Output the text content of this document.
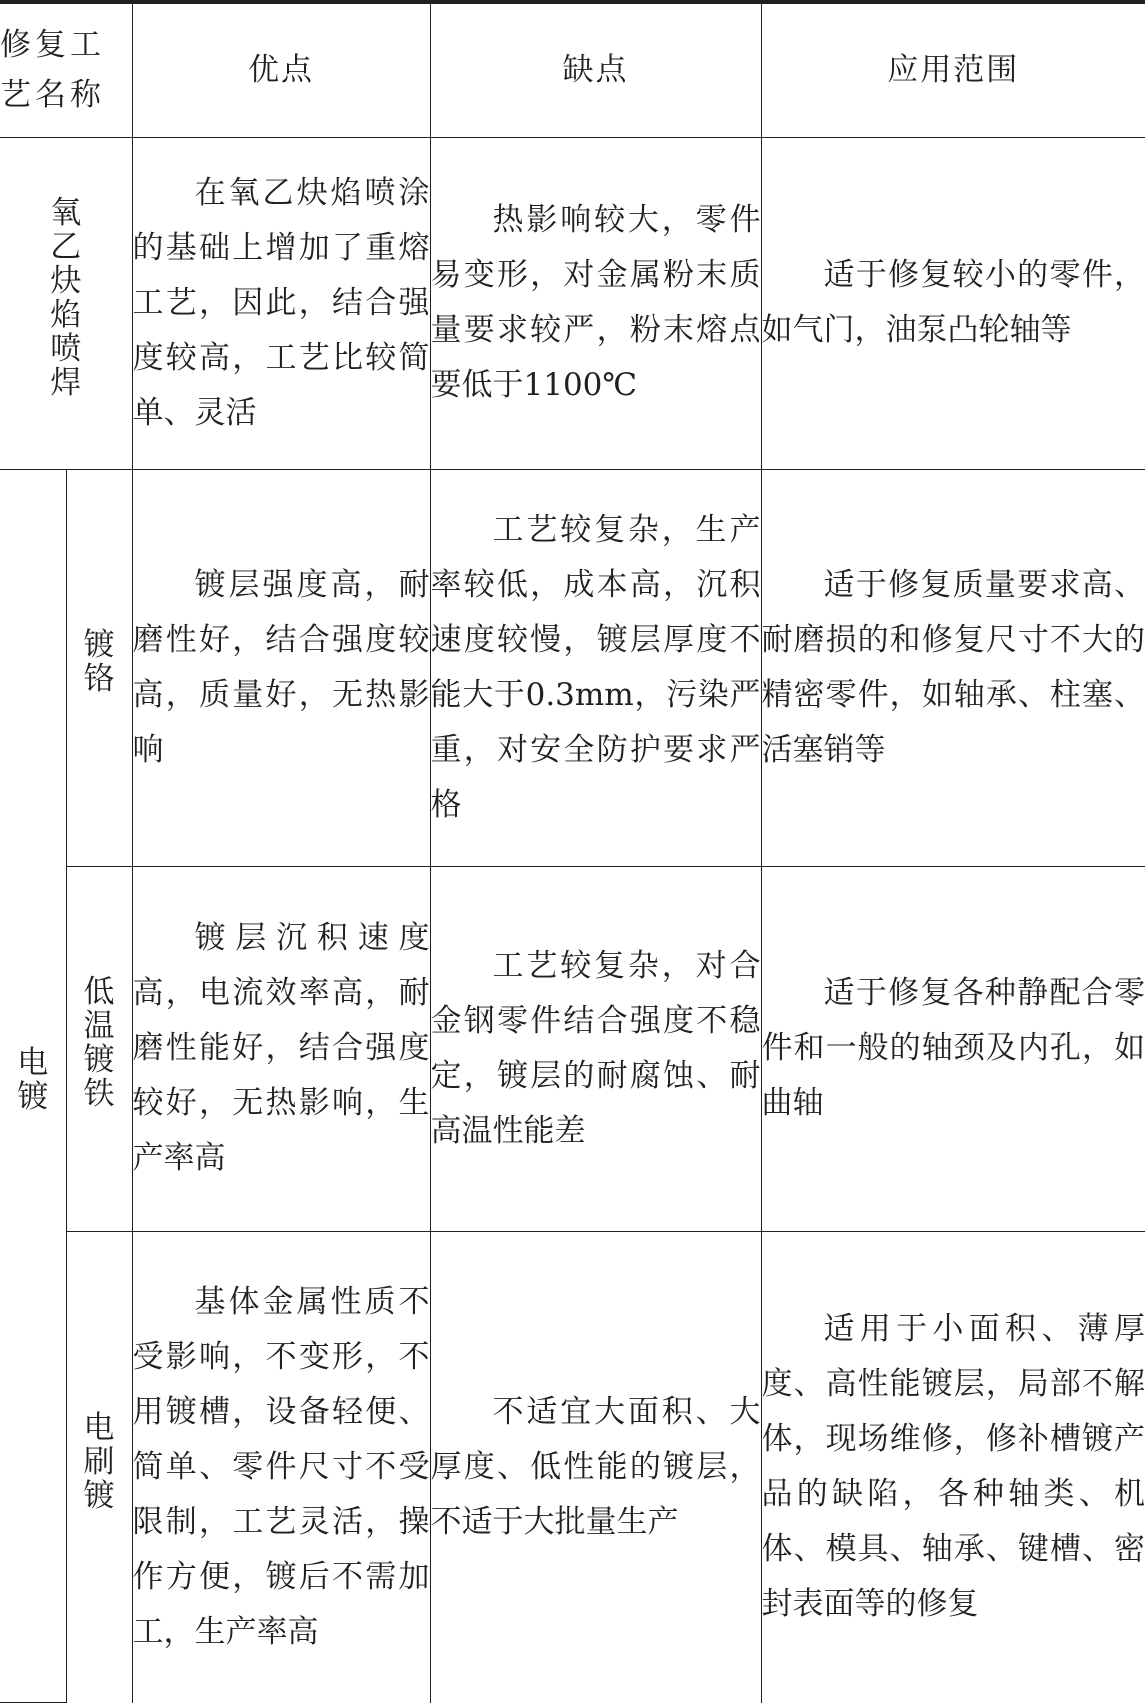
修复工艺名称		优点	缺点	应用范围
氧乙炔焰喷焊		在氧乙炔焰喷涂的基础上增加了重熔工艺，因此，结合强度较高，工艺比较简单、灵活	热影响较大，零件易变形，对金属粉末质量要求较严，粉末熔点要低于1100℃	适于修复较小的零件，如气门，油泵凸轮轴等
电镀	镀铬	镀层强度高，耐磨性好，结合强度较高，质量好，无热影响	工艺较复杂，生产率较低，成本高，沉积速度较慢，镀层厚度不能大于0.3mm，污染严重，对安全防护要求严格	适于修复质量要求高、耐磨损的和修复尺寸不大的精密零件，如轴承、柱塞、活塞销等
	低温镀铁	镀层沉积速度高，电流效率高，耐磨性能好，结合强度较好，无热影响，生产率高	工艺较复杂，对合金钢零件结合强度不稳定，镀层的耐腐蚀、耐高温性能差	适于修复各种静配合零件和一般的轴颈及内孔，如曲轴
	电刷镀	基体金属性质不受影响，不变形，不用镀槽，设备轻便、简单、零件尺寸不受限制，工艺灵活，操作方便，镀后不需加工，生产率高	不适宜大面积、大厚度、低性能的镀层，不适于大批量生产	适用于小面积、薄厚度、高性能镀层，局部不解体，现场维修，修补槽镀产品的缺陷，各种轴类、机体、模具、轴承、键槽、密封表面等的修复
